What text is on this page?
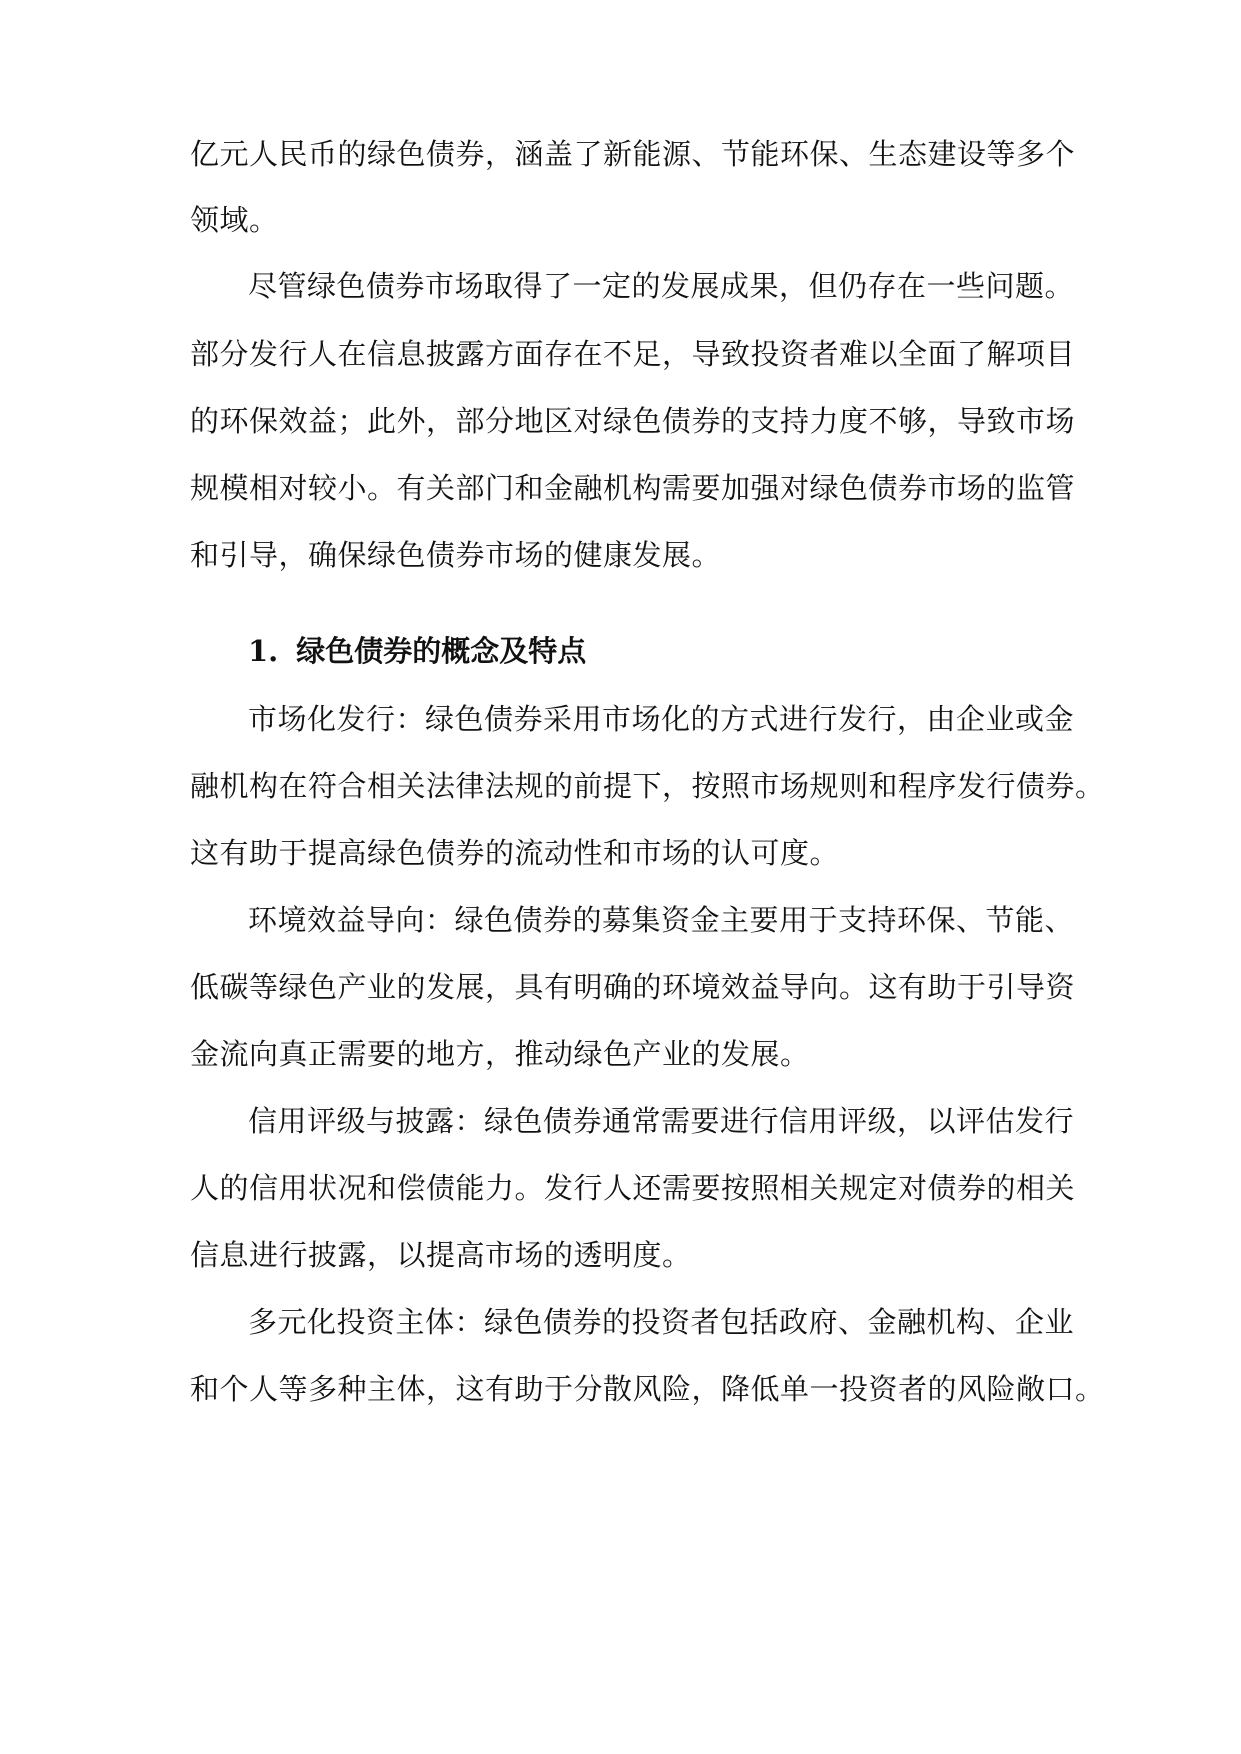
亿元人民币的绿色债券，涵盖了新能源、节能环保、生态建设等多个
领域。
尽管绿色债券市场取得了一定的发展成果，但仍存在一些问题。
部分发行人在信息披露方面存在不足，导致投资者难以全面了解项目
的环保效益；此外，部分地区对绿色债券的支持力度不够，导致市场
规模相对较小。有关部门和金融机构需要加强对绿色债券市场的监管
和引导，确保绿色债券市场的健康发展。
1. 绿色债券的概念及特点
市场化发行：绿色债券采用市场化的方式进行发行，由企业或金
融机构在符合相关法律法规的前提下，按照市场规则和程序发行债券。
这有助于提高绿色债券的流动性和市场的认可度。
环境效益导向：绿色债券的募集资金主要用于支持环保、节能、
低碳等绿色产业的发展，具有明确的环境效益导向。这有助于引导资
金流向真正需要的地方，推动绿色产业的发展。
信用评级与披露：绿色债券通常需要进行信用评级，以评估发行
人的信用状况和偿债能力。发行人还需要按照相关规定对债券的相关
信息进行披露，以提高市场的透明度。
多元化投资主体：绿色债券的投资者包括政府、金融机构、企业
和个人等多种主体，这有助于分散风险，降低单一投资者的风险敞口。
